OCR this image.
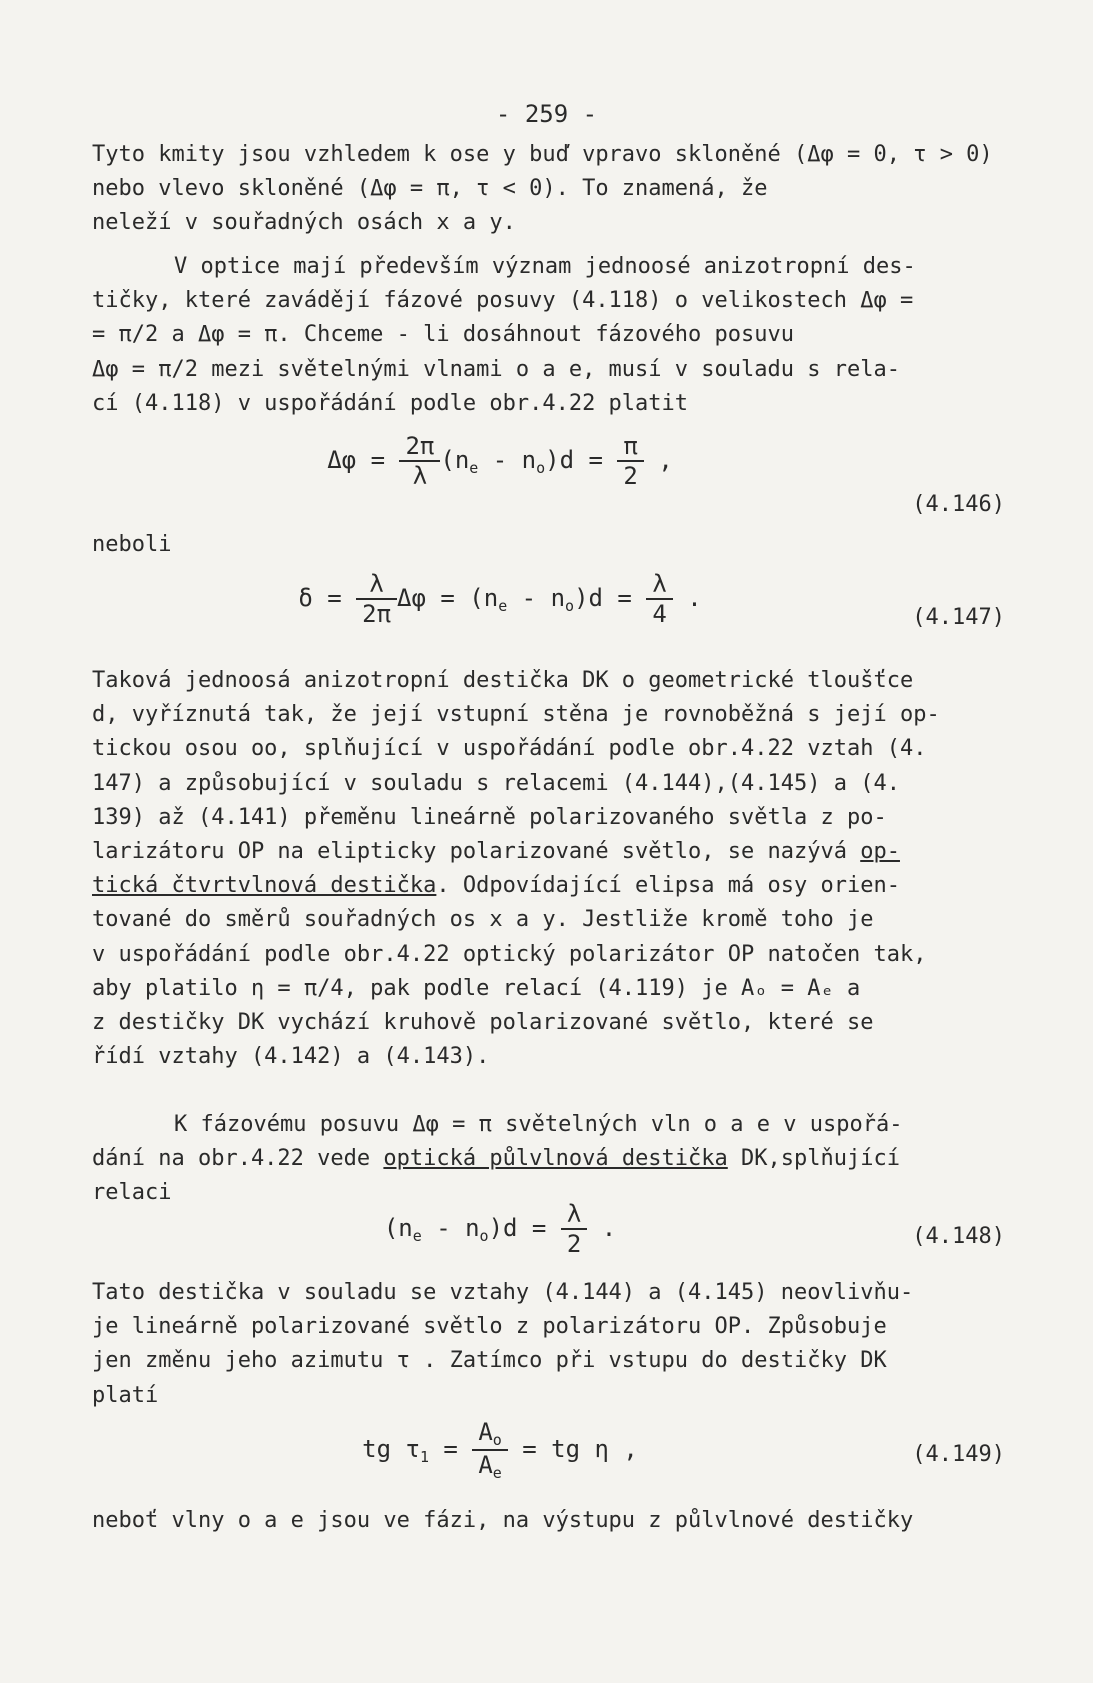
- 259 -
Tyto kmity jsou vzhledem k ose y buď vpravo skloněné (Δφ = 0, τ > 0) nebo vlevo skloněné (Δφ = π, τ < 0). To znamená, že
neleží v souřadných osách x a y.
V optice mají především význam jednoosé anizotropní des-
tičky, které zavádějí fázové posuvy (4.118) o velikostech Δφ =
= π/2 a Δφ = π. Chceme - li dosáhnout fázového posuvu
Δφ = π/2 mezi světelnými vlnami o a e, musí v souladu s rela-
cí (4.118) v uspořádání podle obr.4.22 platit
$\Delta\varphi = \frac{2\pi}{\lambda} (n_e - n_o)d = \frac{\pi}{2}$ ,
(4.146)
neboli
$\delta = \frac{\lambda}{2\pi}$ $\Delta\varphi = (n_e - n_o)d = \frac{\lambda}{4}$ .
(4.147)
Taková jednoosá anizotropní destička DK o geometrické tloušťce
d, vyříznutá tak, že její vstupní stěna je rovnoběžná s její op-
tickou osou oo, splňující v uspořádání podle obr.4.22 vztah (4.
147) a způsobující v souladu s relacemi (4.144),(4.145) a (4.
139) až (4.141) přeměnu lineárně polarizovaného světla z po-
larizátoru OP na elipticky polarizované světlo, se nazývá op-
tická čtvrtvlnová destička. Odpovídající elipsa má osy orien-
tované do směrů souřadných os x a y. Jestliže kromě toho je
v uspořádání podle obr.4.22 optický polarizátor OP natočen tak,
aby platilo η = π/4, pak podle relací (4.119) je Aₒ = Aₑ a
z destičky DK vychází kruhově polarizované světlo, které se
řídí vztahy (4.142) a (4.143).
K fázovému posuvu Δφ = π světelných vln o a e v uspořá-
dání na obr.4.22 vede optická půlvlnová destička DK,splňující
relaci
$(n_e - n_o)d = \frac{\lambda}{2}$ .	(4.148)
Tato destička v souladu se vztahy (4.144) a (4.145) neovlivňu-
je lineárně polarizované světlo z polarizátoru OP. Způsobuje
jen změnu jeho azimutu τ . Zatímco při vstupu do destičky DK
platí
tg $\tau_1 = \frac{A_o}{A_e}$ = tg η ,	(4.149)
neboť vlny o a e jsou ve fázi, na výstupu z půlvlnové destičky
